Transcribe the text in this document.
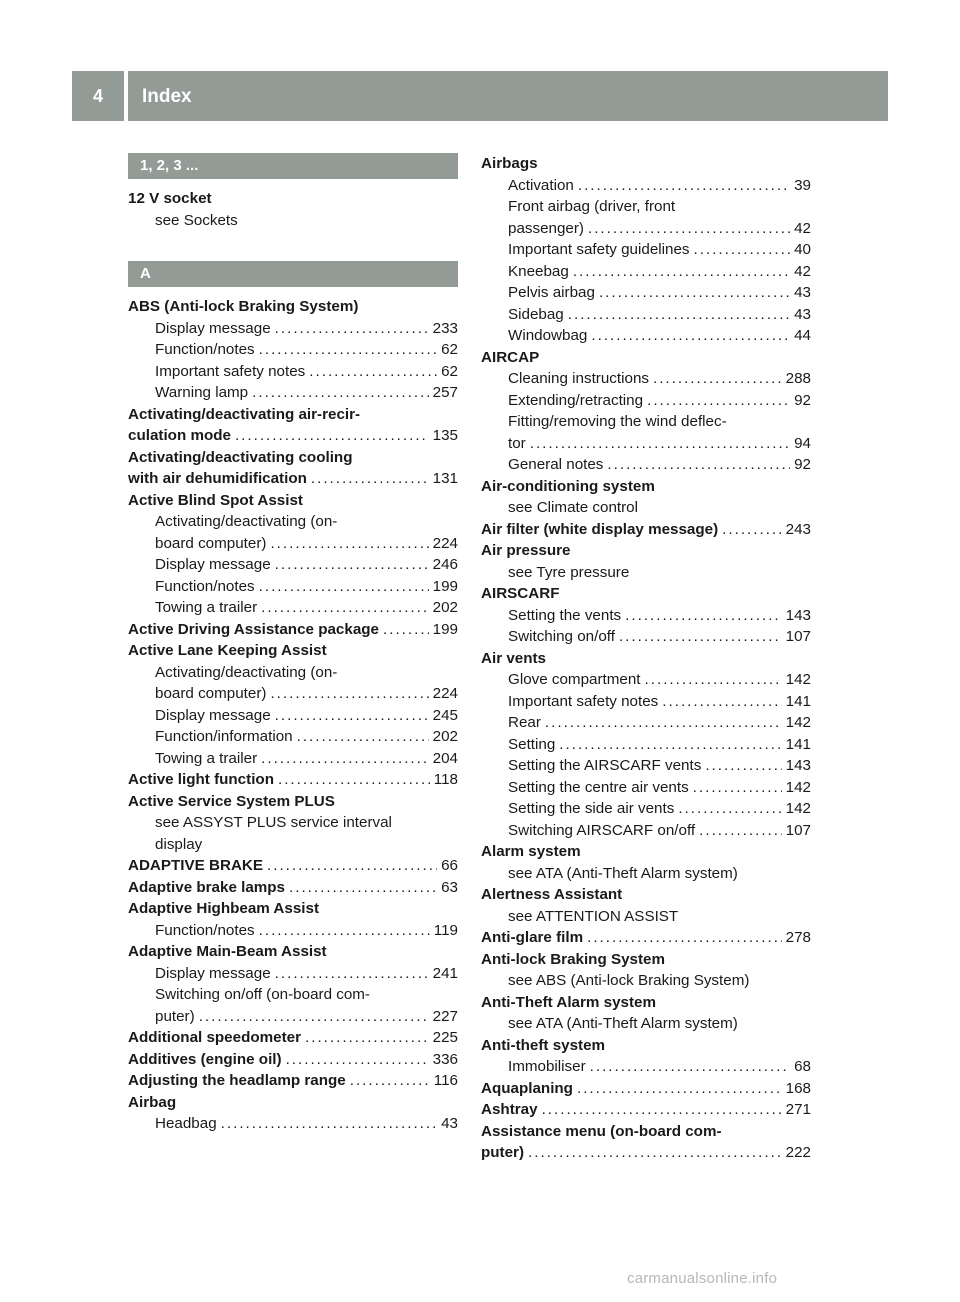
4	Index
1, 2, 3 ...
12 V socket
see Sockets
A
ABS (Anti-lock Braking System)
Display message .....	233
Function/notes .....	62
Important safety notes .....	62
Warning lamp .....	257
Activating/deactivating air-recir-
culation mode .....	135
Activating/deactivating cooling
with air dehumidification .....	131
Active Blind Spot Assist
Activating/deactivating (on-
board computer) .....	224
Display message .....	246
Function/notes .....	199
Towing a trailer .....	202
Active Driving Assistance package .....	199
Active Lane Keeping Assist
Activating/deactivating (on-
board computer) .....	224
Display message .....	245
Function/information .....	202
Towing a trailer .....	204
Active light function .....	118
Active Service System PLUS
see ASSYST PLUS service interval
display
ADAPTIVE BRAKE .....	66
Adaptive brake lamps .....	63
Adaptive Highbeam Assist
Function/notes .....	119
Adaptive Main-Beam Assist
Display message .....	241
Switching on/off (on-board com-
puter) .....	227
Additional speedometer .....	225
Additives (engine oil) .....	336
Adjusting the headlamp range .....	116
Airbag
Headbag .....	43
Airbags
Activation .....	39
Front airbag (driver, front
passenger) .....	42
Important safety guidelines .....	40
Kneebag .....	42
Pelvis airbag .....	43
Sidebag .....	43
Windowbag .....	44
AIRCAP
Cleaning instructions .....	288
Extending/retracting .....	92
Fitting/removing the wind deflec-
tor .....	94
General notes .....	92
Air-conditioning system
see Climate control
Air filter (white display message) .....	243
Air pressure
see Tyre pressure
AIRSCARF
Setting the vents .....	143
Switching on/off .....	107
Air vents
Glove compartment .....	142
Important safety notes .....	141
Rear .....	142
Setting .....	141
Setting the AIRSCARF vents .....	143
Setting the centre air vents .....	142
Setting the side air vents .....	142
Switching AIRSCARF on/off .....	107
Alarm system
see ATA (Anti-Theft Alarm system)
Alertness Assistant
see ATTENTION ASSIST
Anti-glare film .....	278
Anti-lock Braking System
see ABS (Anti-lock Braking System)
Anti-Theft Alarm system
see ATA (Anti-Theft Alarm system)
Anti-theft system
Immobiliser .....	68
Aquaplaning .....	168
Ashtray .....	271
Assistance menu (on-board com-
puter) .....	222
carmanualsonline.info
